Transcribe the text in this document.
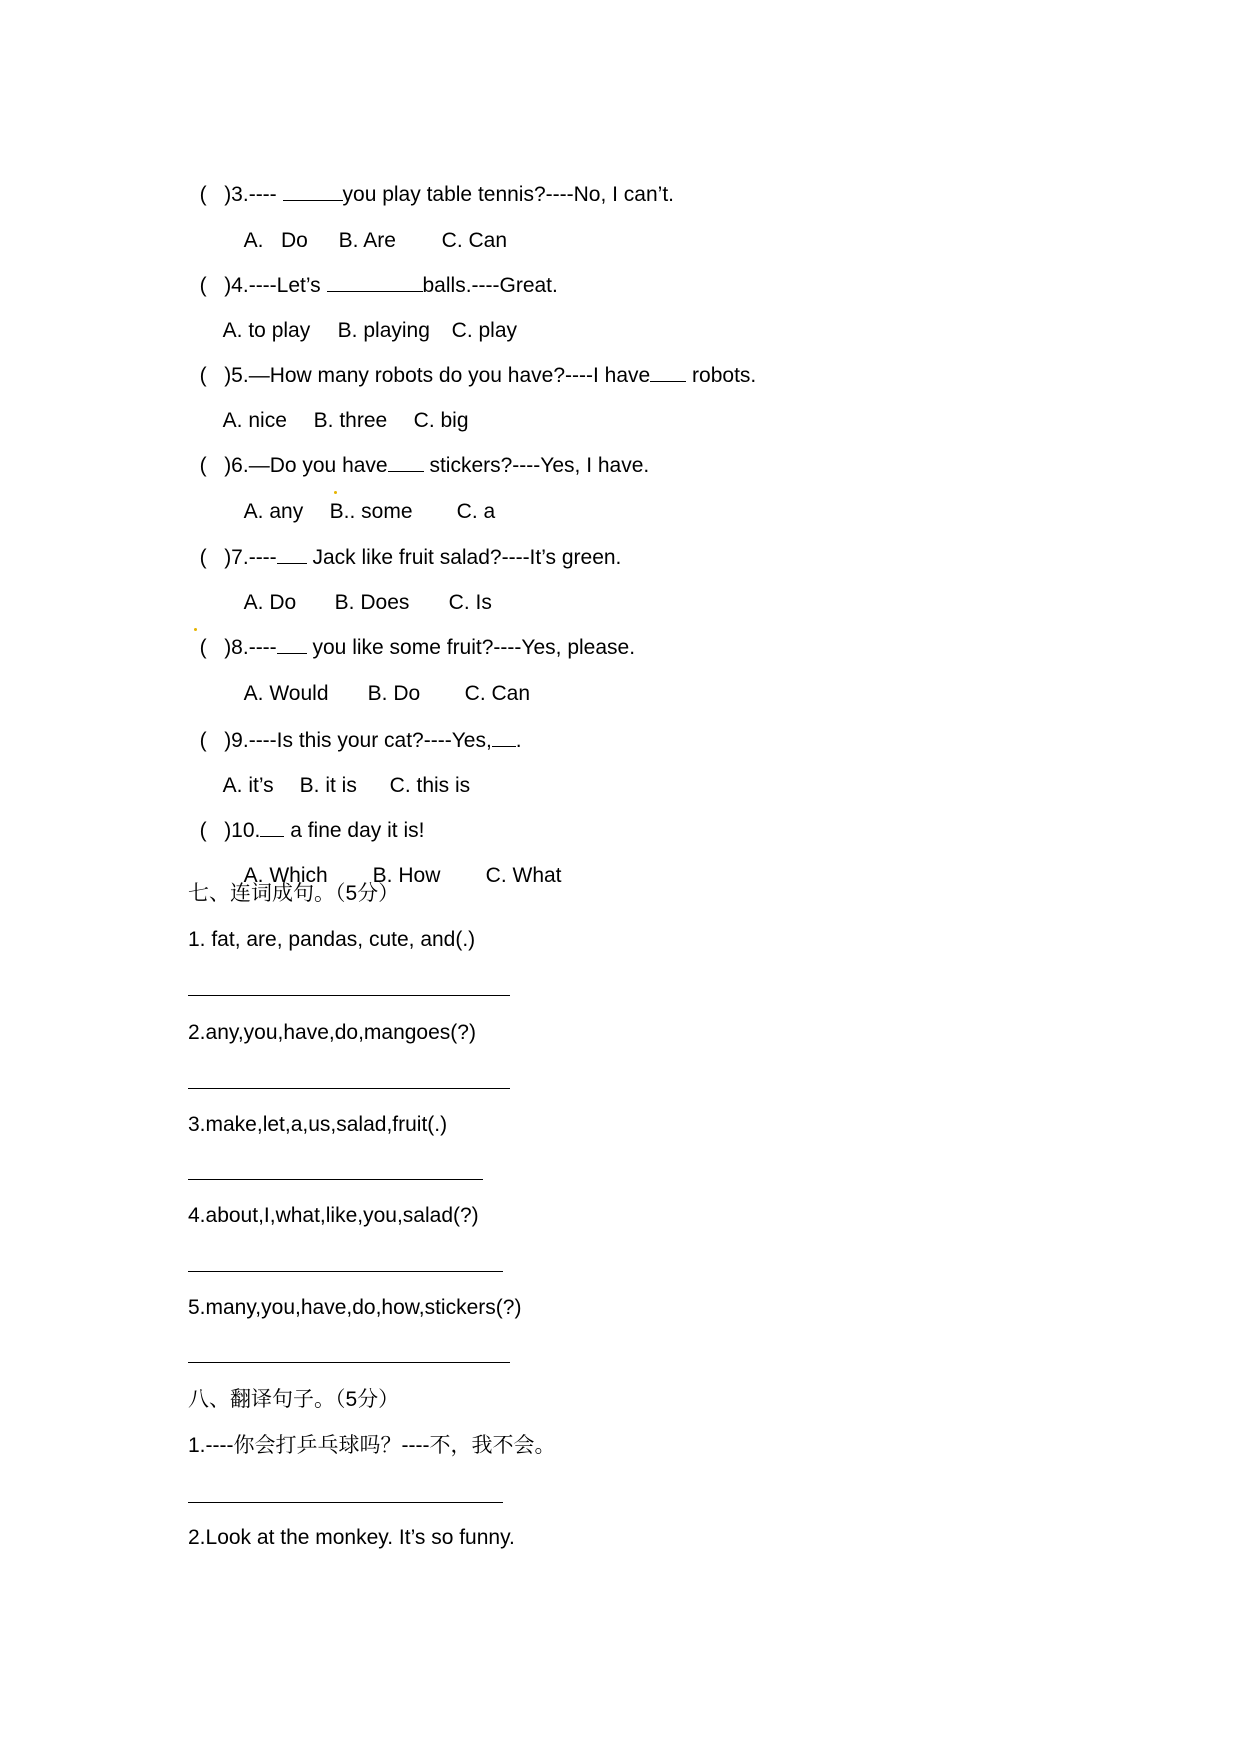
( )3.----	you play table tennis?----No, I can’t.

A.   Do B. Are C. Can

( )4.----Let’s	balls.----Great.

A. to play B. playing C. play

( )5.—How many robots do you have?----I have robots.

A. nice B. three C. big

( )6.—Do you have stickers?----Yes, I have.

A. any B.. some C. a

( )7.---- Jack like fruit salad?----It’s green.

A. Do B. Does C. Is

( )8.---- you like some fruit?----Yes, please.

A. Would B. Do C. Can

( )9.----Is this your cat?----Yes, .

A. it’s B. it is C. this is

( )10. a fine day it is!

A. Which B. How C. What

七、连词成句。（5分）
1. fat, are, pandas, cute, and(.)
2.any,you,have,do,mangoes(?)
3.make,let,a,us,salad,fruit(.)
4.about,I,what,like,you,salad(?)
5.many,you,have,do,how,stickers(?)
八、翻译句子。（5分）
1.----你会打乒乓球吗？----不，我不会。
2.Look at the monkey. It’s so funny.
